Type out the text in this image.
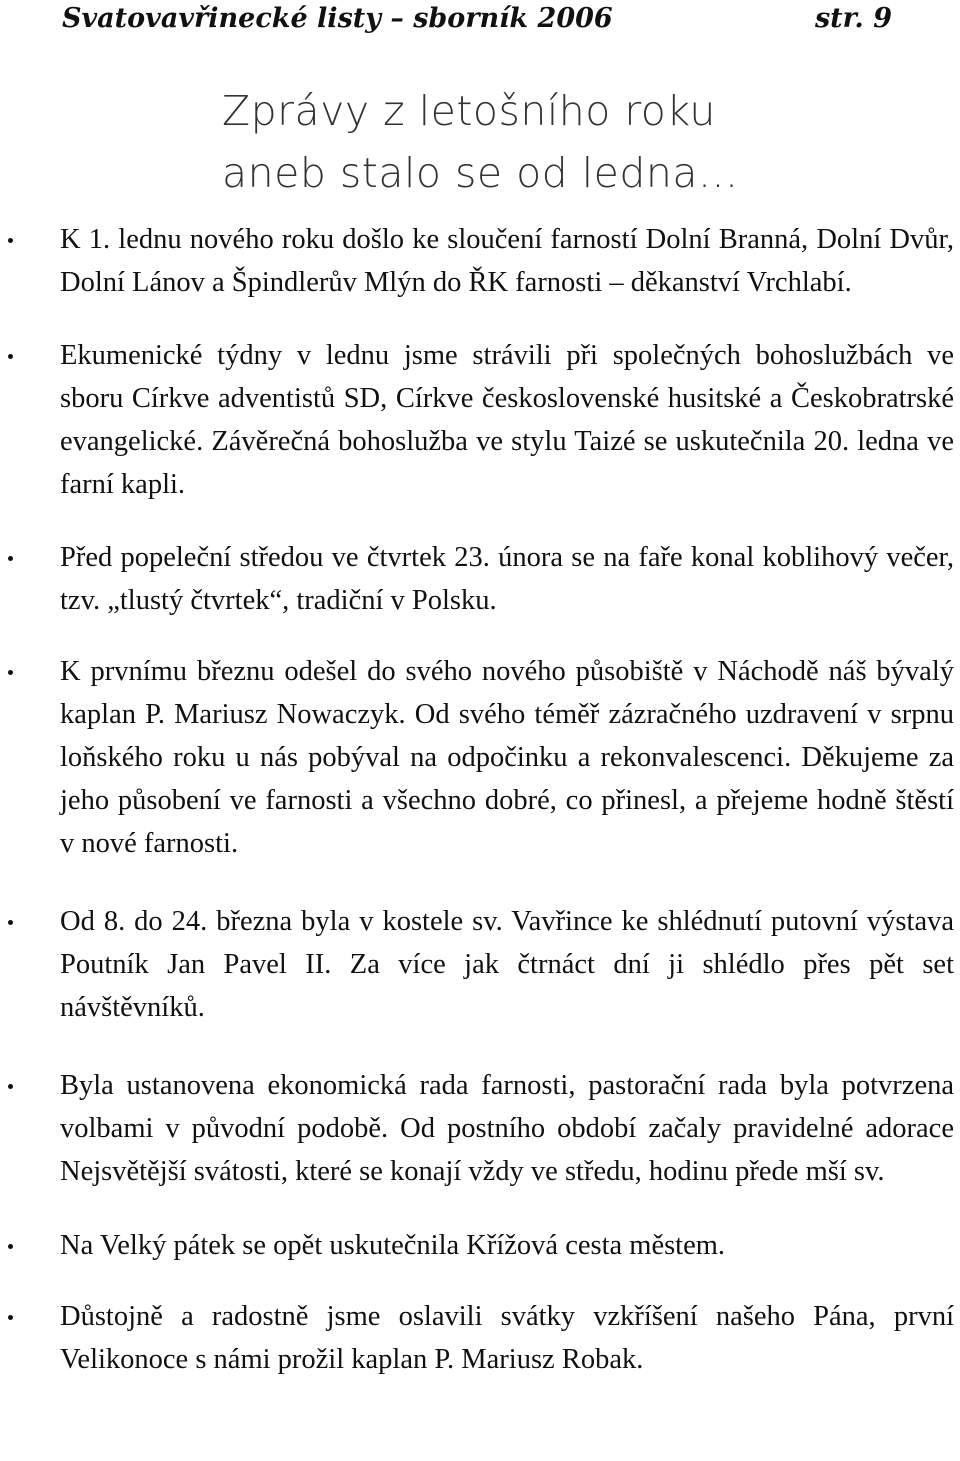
Svatovavřinecké listy – sborník 2006	str. 9
Zprávy z letošního roku
aneb stalo se od ledna...
K 1. lednu nového roku došlo ke sloučení farností Dolní Branná, Dolní Dvůr, Dolní Lánov a Špindlerův Mlýn do ŘK farnosti – děkanství Vrchlabí.
Ekumenické týdny v lednu jsme strávili při společných bohoslužbách ve sboru Církve adventistů SD, Církve československé husitské a Českobratrské evangelické. Závěrečná bohoslužba ve stylu Taizé se uskutečnila 20. ledna ve farní kapli.
Před popeleční středou ve čtvrtek 23. února se na faře konal koblihový večer, tzv. „tlustý čtvrtek“, tradiční v Polsku.
K prvnímu březnu odešel do svého nového působiště v Náchodě náš bývalý kaplan P. Mariusz Nowaczyk. Od svého téměř zázračného uzdravení v srpnu loňského roku u nás pobýval na odpočinku a rekonvalescenci. Děkujeme za jeho působení ve farnosti a všechno dobré, co přinesl, a přejeme hodně štěstí v nové farnosti.
Od 8. do 24. března byla v kostele sv. Vavřince ke shlédnutí putovní výstava Poutník Jan Pavel II. Za více jak čtrnáct dní ji shlédlo přes pět set návštěvníků.
Byla ustanovena ekonomická rada farnosti, pastorační rada byla potvrzena volbami v původní podobě. Od postního období začaly pravidelné adorace Nejsvětější svátosti, které se konají vždy ve středu, hodinu přede mší sv.
Na Velký pátek se opět uskutečnila Křížová cesta městem.
Důstojně a radostně jsme oslavili svátky vzkříšení našeho Pána, první Velikonoce s námi prožil kaplan P. Mariusz Robak.
